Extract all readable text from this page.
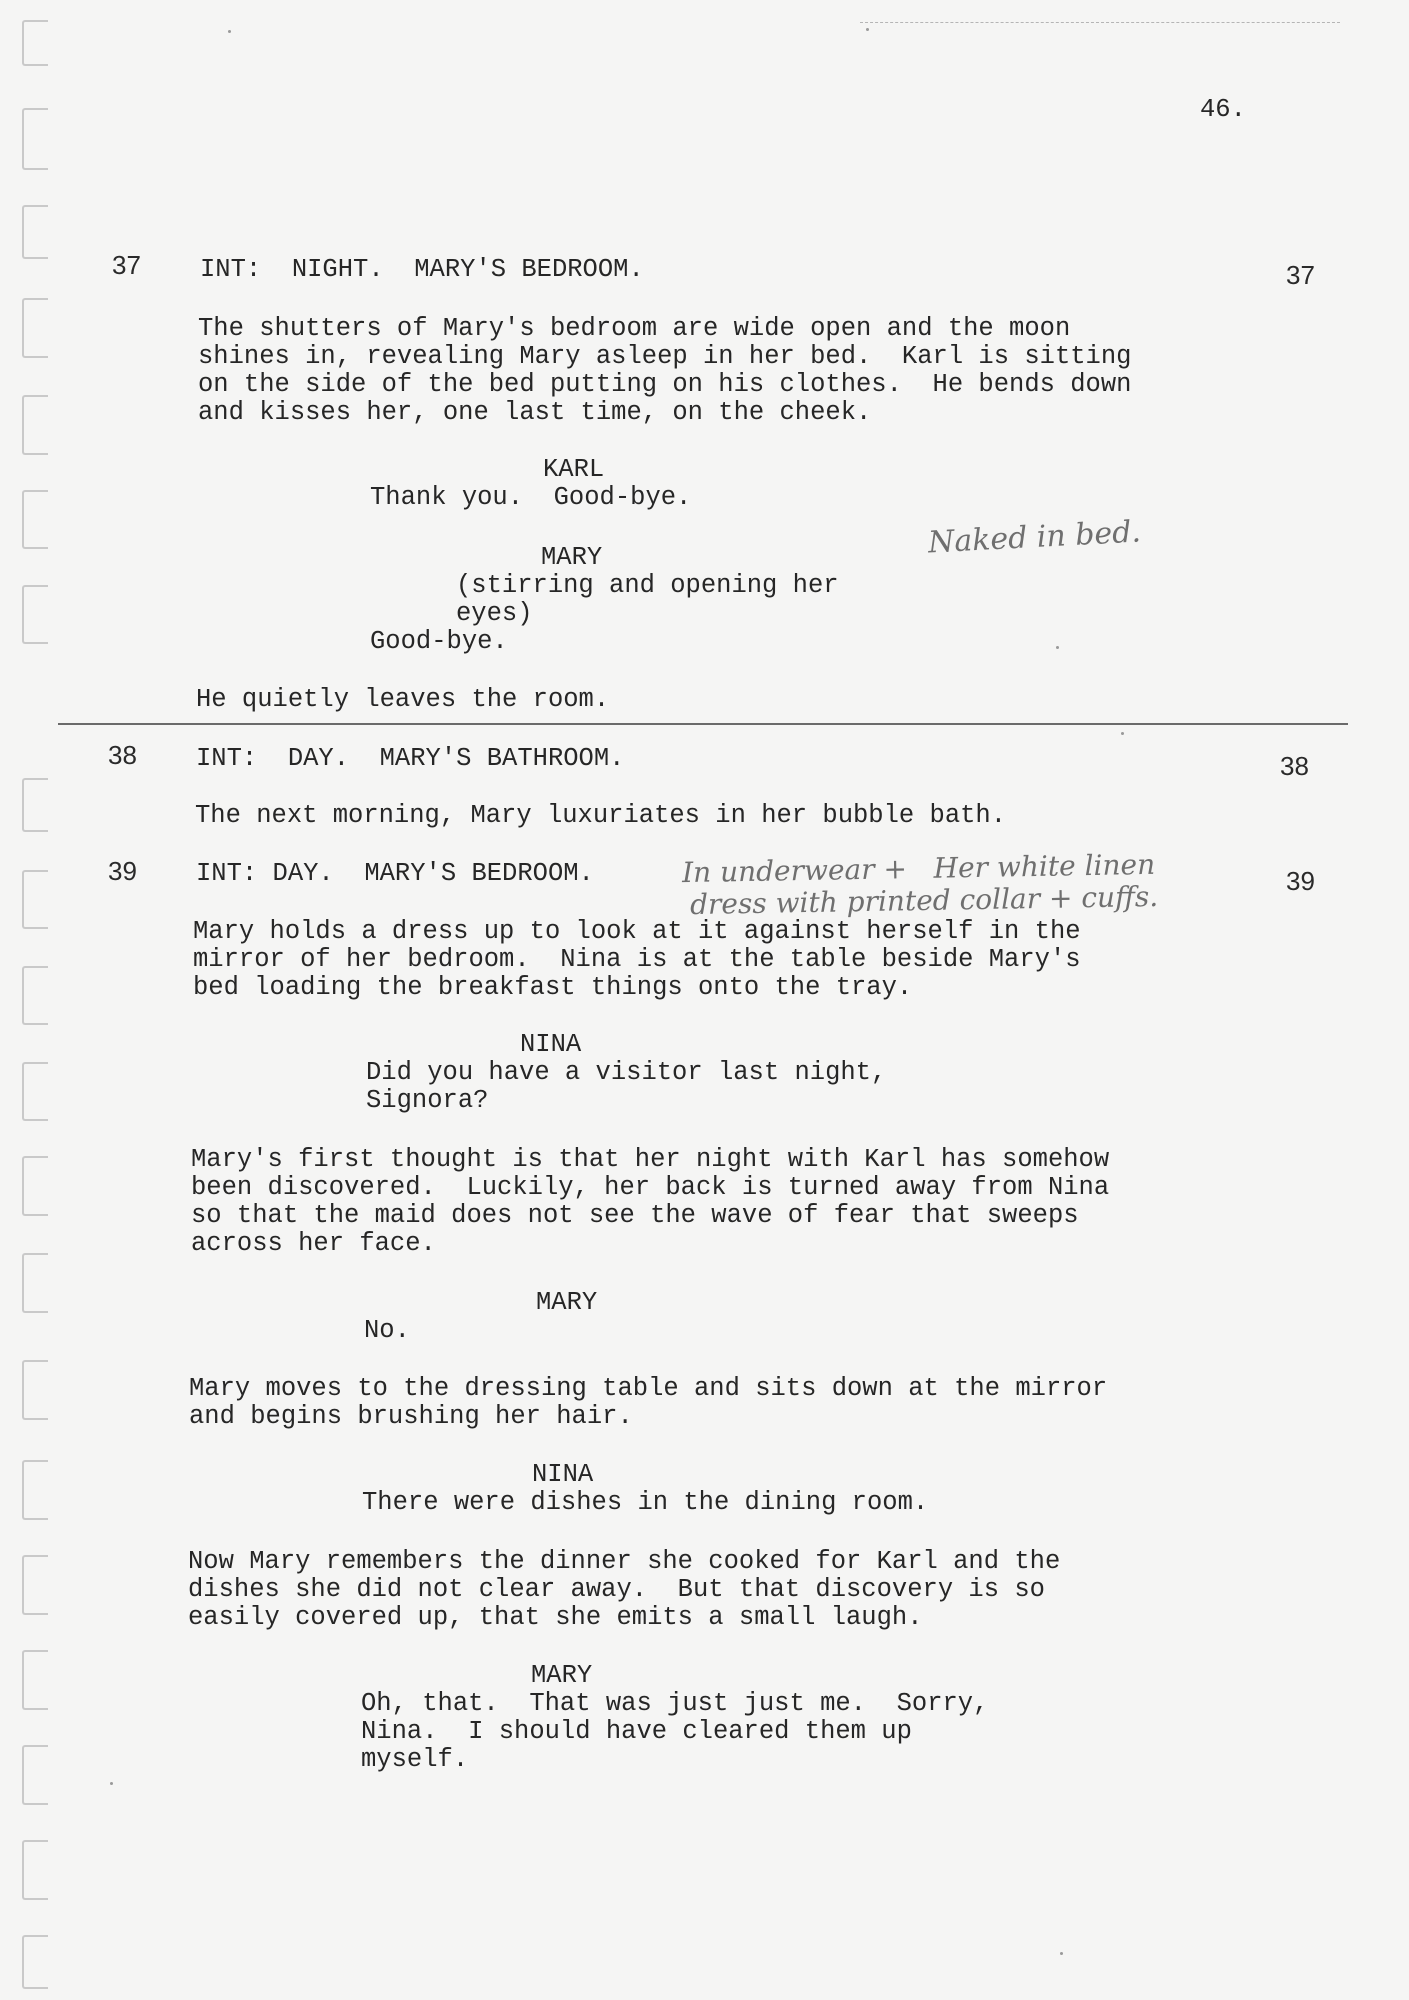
46.
37	37
INT:  NIGHT.  MARY'S BEDROOM.
The shutters of Mary's bedroom are wide open and the moon
shines in, revealing Mary asleep in her bed.  Karl is sitting
on the side of the bed putting on his clothes.  He bends down
and kisses her, one last time, on the cheek.
KARL
Thank you.  Good-bye.
MARY
(stirring and opening her
eyes)
Good-bye.
He quietly leaves the room.
Naked in bed.
38	38
INT:  DAY.  MARY'S BATHROOM.
The next morning, Mary luxuriates in her bubble bath.
39	39
INT: DAY.  MARY'S BEDROOM.	In underwear +   Her white linen
dress with printed collar + cuffs.
Mary holds a dress up to look at it against herself in the
mirror of her bedroom.  Nina is at the table beside Mary's
bed loading the breakfast things onto the tray.
NINA
Did you have a visitor last night,
Signora?
Mary's first thought is that her night with Karl has somehow
been discovered.  Luckily, her back is turned away from Nina
so that the maid does not see the wave of fear that sweeps
across her face.
MARY
No.
Mary moves to the dressing table and sits down at the mirror
and begins brushing her hair.
NINA
There were dishes in the dining room.
Now Mary remembers the dinner she cooked for Karl and the
dishes she did not clear away.  But that discovery is so
easily covered up, that she emits a small laugh.
MARY
Oh, that.  That was just just me.  Sorry,
Nina.  I should have cleared them up
myself.
